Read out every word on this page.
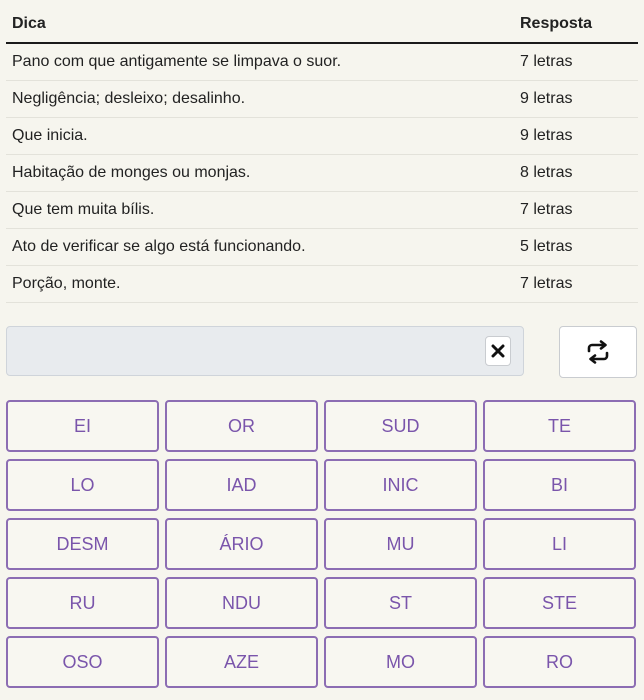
Dica	Resposta
Pano com que antigamente se limpava o suor.	7 letras
Negligência; desleixo; desalinho.	9 letras
Que inicia.	9 letras
Habitação de monges ou monjas.	8 letras
Que tem muita bílis.	7 letras
Ato de verificar se algo está funcionando.	5 letras
Porção, monte.	7 letras
EI	OR	SUD	TE
LO	IAD	INIC	BI
DESM	ÁRIO	MU	LI
RU	NDU	ST	STE
OSO	AZE	MO	RO
